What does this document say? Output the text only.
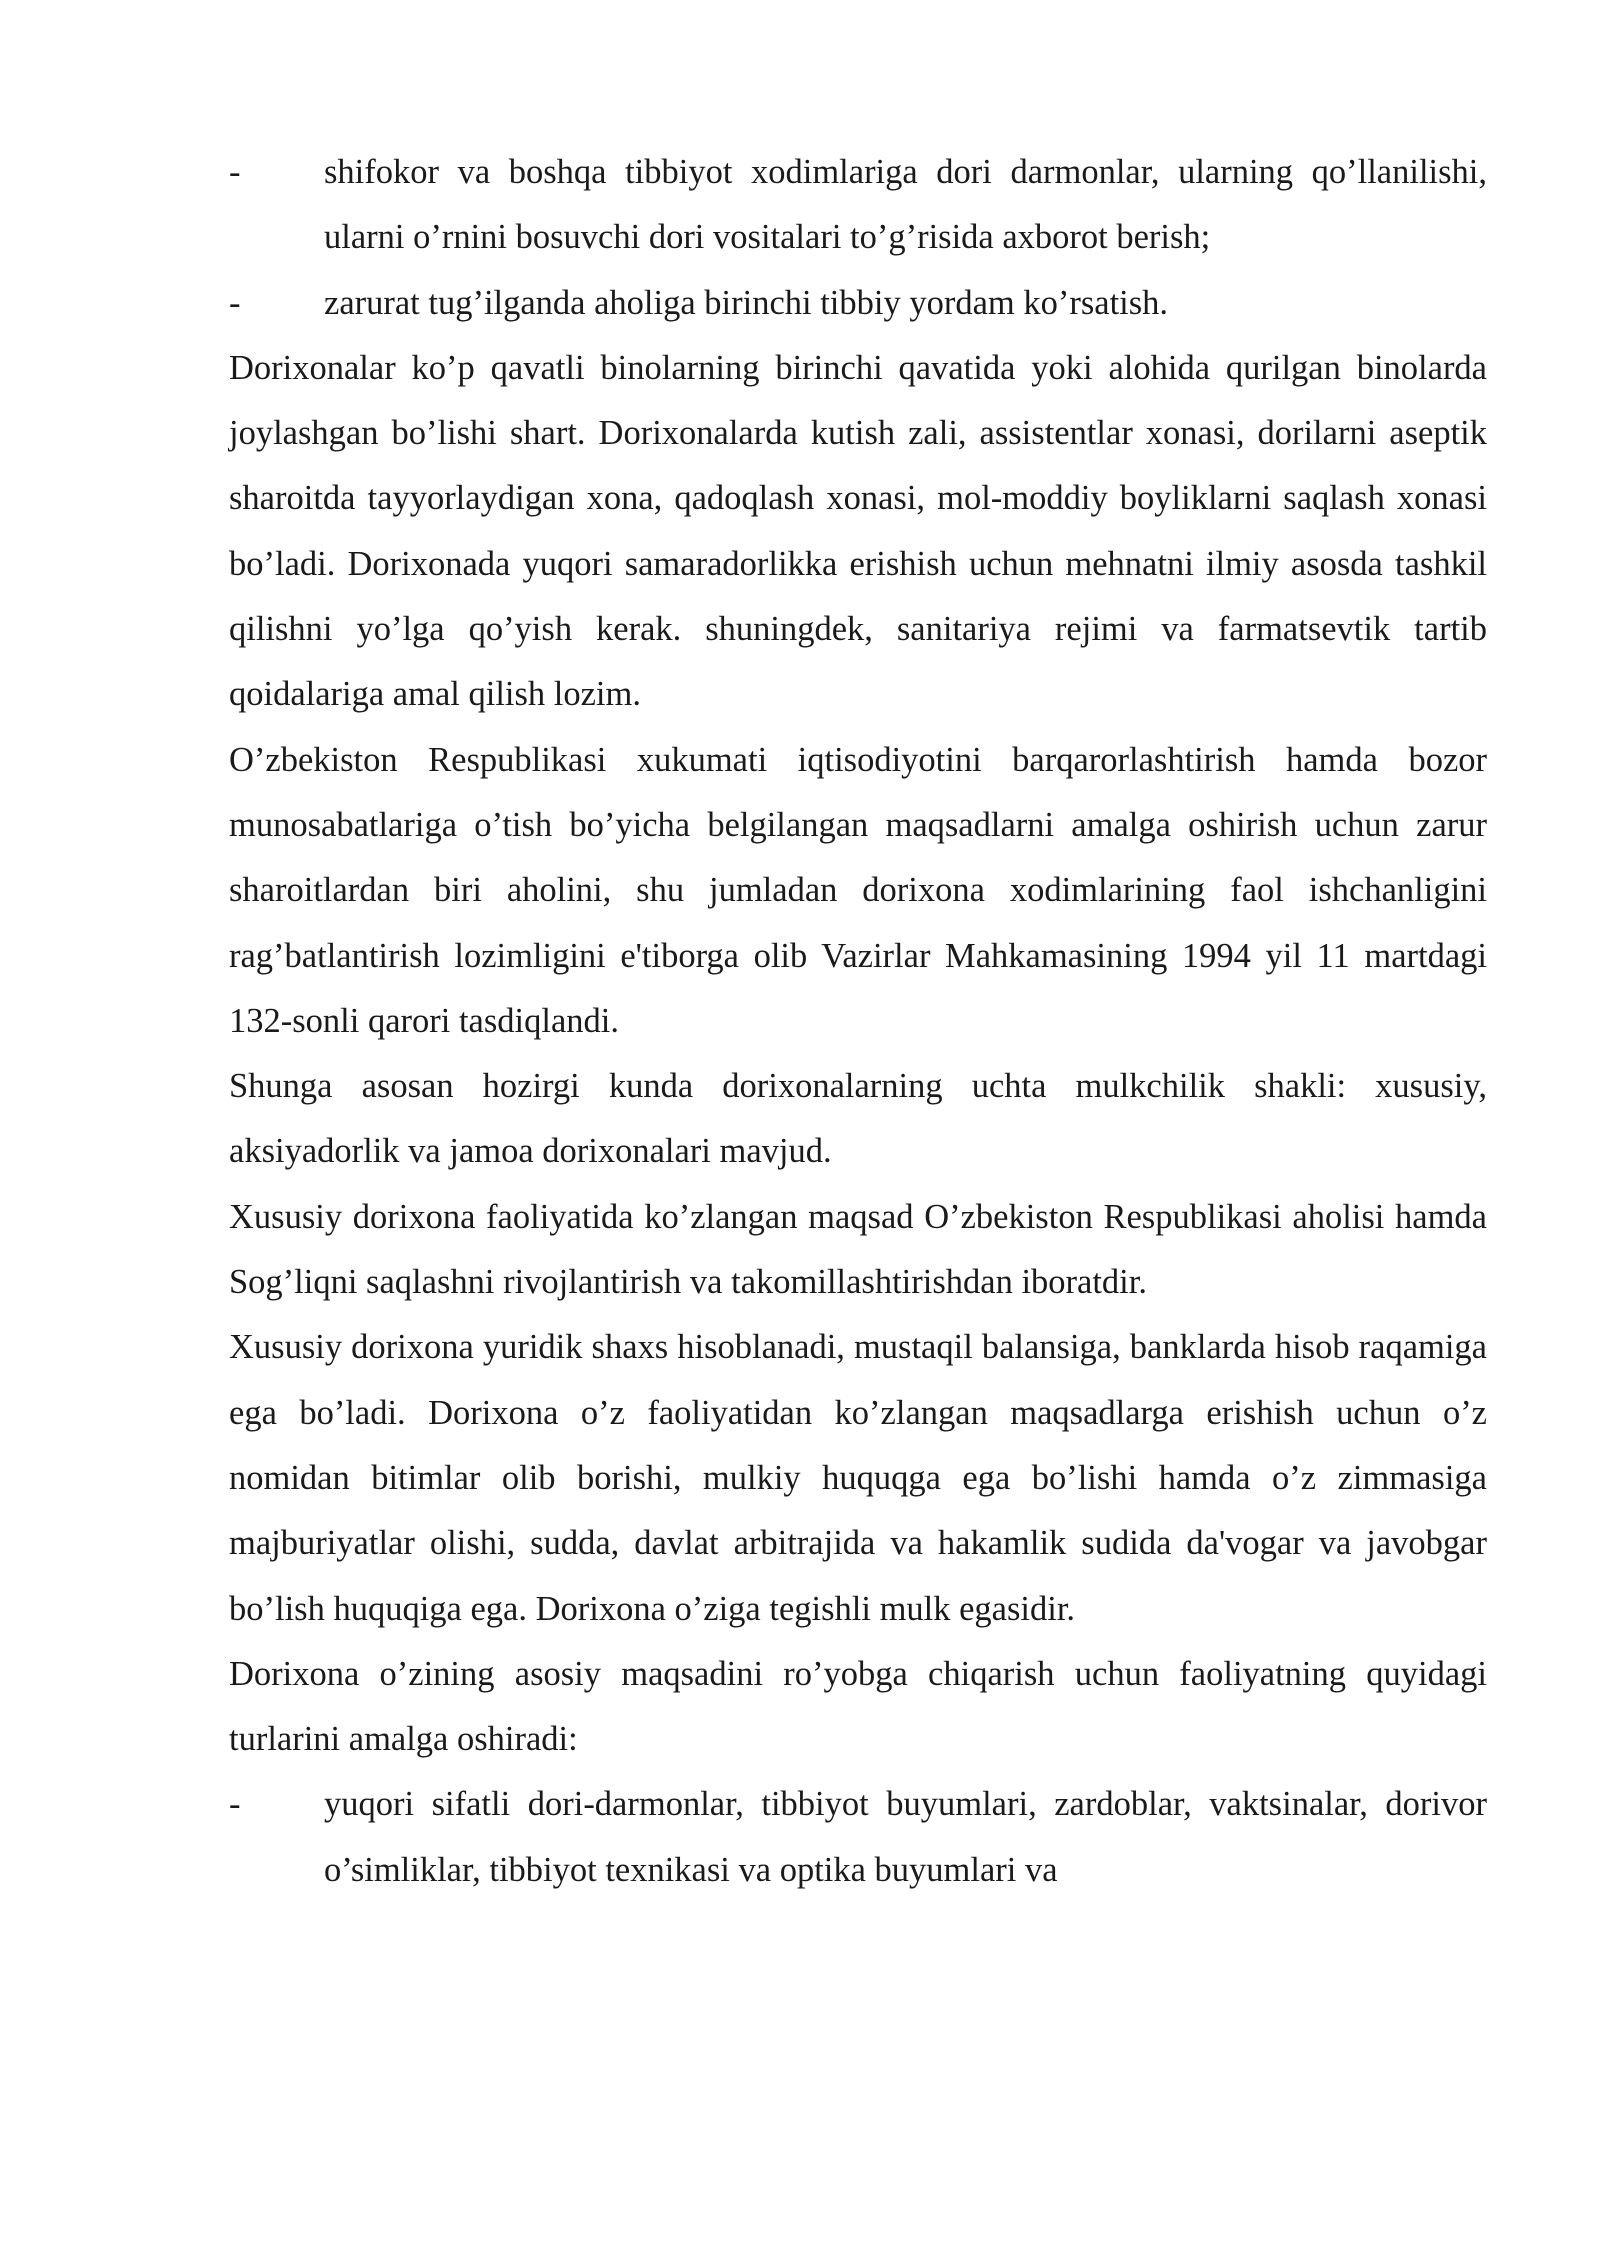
- shifokor va boshqa tibbiyot xodimlariga dori darmonlar, ularning qo’llanilishi, ularni o’rnini bosuvchi dori vositalari to’g’risida axborot berish;
- zarurat tug’ilganda aholiga birinchi tibbiy yordam ko’rsatish.

Dorixonalar ko’p qavatli binolarning birinchi qavatida yoki alohida qurilgan binolarda joylashgan bo’lishi shart. Dorixonalarda kutish zali, assistentlar xonasi, dorilarni aseptik sharoitda tayyorlaydigan xona, qadoqlash xonasi, mol-moddiy boyliklarni saqlash xonasi bo’ladi. Dorixonada yuqori samaradorlikka erishish uchun mehnatni ilmiy asosda tashkil qilishni yo’lga qo’yish kerak. shuningdek, sanitariya rejimi va farmatsevtik tartib qoidalariga amal qilish lozim.

O’zbekiston Respublikasi xukumati iqtisodiyotini barqarorlashtirish hamda bozor munosabatlariga o’tish bo’yicha belgilangan maqsadlarni amalga oshirish uchun zarur sharoitlardan biri aholini, shu jumladan dorixona xodimlarining faol ishchanligini rag’batlantirish lozimligini e'tiborga olib Vazirlar Mahkamasining 1994 yil 11 martdagi 132-sonli qarori tasdiqlandi.

Shunga asosan hozirgi kunda dorixonalarning uchta mulkchilik shakli: xususiy, aksiyadorlik va jamoa dorixonalari mavjud.

Xususiy dorixona faoliyatida ko’zlangan maqsad O’zbekiston Respublikasi aholisi hamda Sog’liqni saqlashni rivojlantirish va takomillashtirishdan iboratdir.

Xususiy dorixona yuridik shaxs hisoblanadi, mustaqil balansiga, banklarda hisob raqamiga ega bo’ladi. Dorixona o’z faoliyatidan ko’zlangan maqsadlarga erishish uchun o’z nomidan bitimlar olib borishi, mulkiy huquqga ega bo’lishi hamda o’z zimmasiga majburiyatlar olishi, sudda, davlat arbitrajida va hakamlik sudida da'vogar va javobgar bo’lish huquqiga ega. Dorixona o’ziga tegishli mulk egasidir.

Dorixona o’zining asosiy maqsadini ro’yobga chiqarish uchun faoliyatning quyidagi turlarini amalga oshiradi:

- yuqori sifatli dori-darmonlar, tibbiyot buyumlari, zardoblar, vaktsinalar, dorivor o’simliklar, tibbiyot texnikasi va optika buyumlari va
